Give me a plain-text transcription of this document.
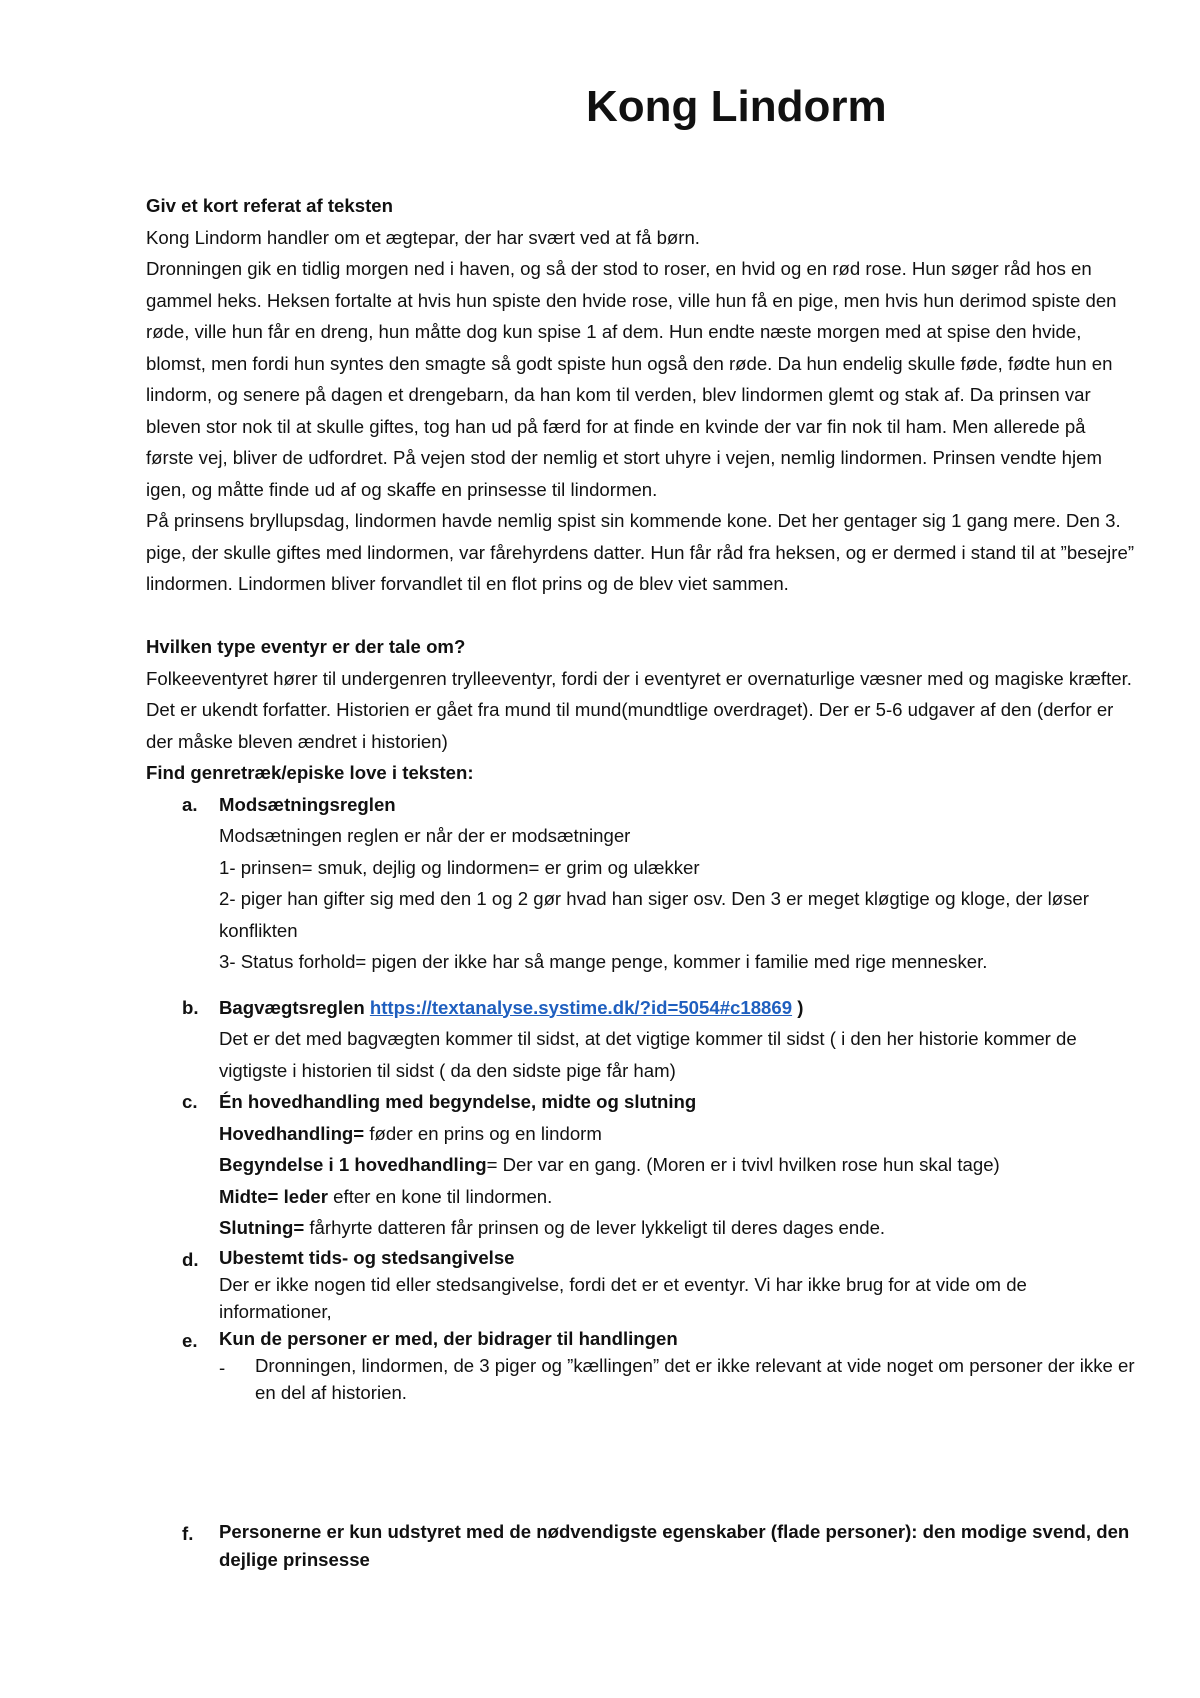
Kong Lindorm

Giv et kort referat af teksten

Kong Lindorm handler om et ægtepar, der har svært ved at få børn.

Dronningen gik en tidlig morgen ned i haven, og så der stod to roser, en hvid og en rød rose. Hun søger råd hos en gammel heks. Heksen fortalte at hvis hun spiste den hvide rose, ville hun få en pige, men hvis hun derimod spiste den røde, ville hun får en dreng, hun måtte dog kun spise 1 af dem. Hun endte næste morgen med at spise den hvide, blomst, men fordi hun syntes den smagte så godt spiste hun også den røde. Da hun endelig skulle føde, fødte hun en lindorm, og senere på dagen et drengebarn, da han kom til verden, blev lindormen glemt og stak af. Da prinsen var bleven stor nok til at skulle giftes, tog han ud på færd for at finde en kvinde der var fin nok til ham. Men allerede på første vej, bliver de udfordret. På vejen stod der nemlig et stort uhyre i vejen, nemlig lindormen. Prinsen vendte hjem igen, og måtte finde ud af og skaffe en prinsesse til lindormen.

På prinsens bryllupsdag, lindormen havde nemlig spist sin kommende kone. Det her gentager sig 1 gang mere. Den 3. pige, der skulle giftes med lindormen, var fårehyrdens datter. Hun får råd fra heksen, og er dermed i stand til at ”besejre” lindormen. Lindormen bliver forvandlet til en flot prins og de blev viet sammen.

Hvilken type eventyr er der tale om?

Folkeeventyret hører til undergenren trylleeventyr, fordi der i eventyret er overnaturlige væsner med og magiske kræfter. Det er ukendt forfatter. Historien er gået fra mund til mund(mundtlige overdraget). Der er 5-6 udgaver af den (derfor er der måske bleven ændret i historien)

Find genretræk/episke love i teksten:

a. Modsætningsreglen

Modsætningen reglen er når der er modsætninger

1- prinsen= smuk, dejlig og lindormen= er grim og ulækker

2- piger han gifter sig med den 1 og 2 gør hvad han siger osv. Den 3 er meget kløgtige og kloge, der løser konflikten

3- Status forhold= pigen der ikke har så mange penge, kommer i familie med rige mennesker.

b. Bagvægtsreglen https://textanalyse.systime.dk/?id=5054#c18869 )

Det er det med bagvægten kommer til sidst, at det vigtige kommer til sidst ( i den her historie kommer de vigtigste i historien til sidst ( da den sidste pige får ham)

c. Én hovedhandling med begyndelse, midte og slutning

Hovedhandling= føder en prins og en lindorm

Begyndelse i 1 hovedhandling= Der var en gang. (Moren er i tvivl hvilken rose hun skal tage)

Midte= leder efter en kone til lindormen.

Slutning= fårhyrte datteren får prinsen og de lever lykkeligt til deres dages ende.

d. Ubestemt tids- og stedsangivelse

Der er ikke nogen tid eller stedsangivelse, fordi det er et eventyr. Vi har ikke brug for at vide om de informationer,

e. Kun de personer er med, der bidrager til handlingen

- Dronningen, lindormen, de 3 piger og ”kællingen” det er ikke relevant at vide noget om personer der ikke er en del af historien.

f. Personerne er kun udstyret med de nødvendigste egenskaber (flade personer): den modige svend, den dejlige prinsesse
